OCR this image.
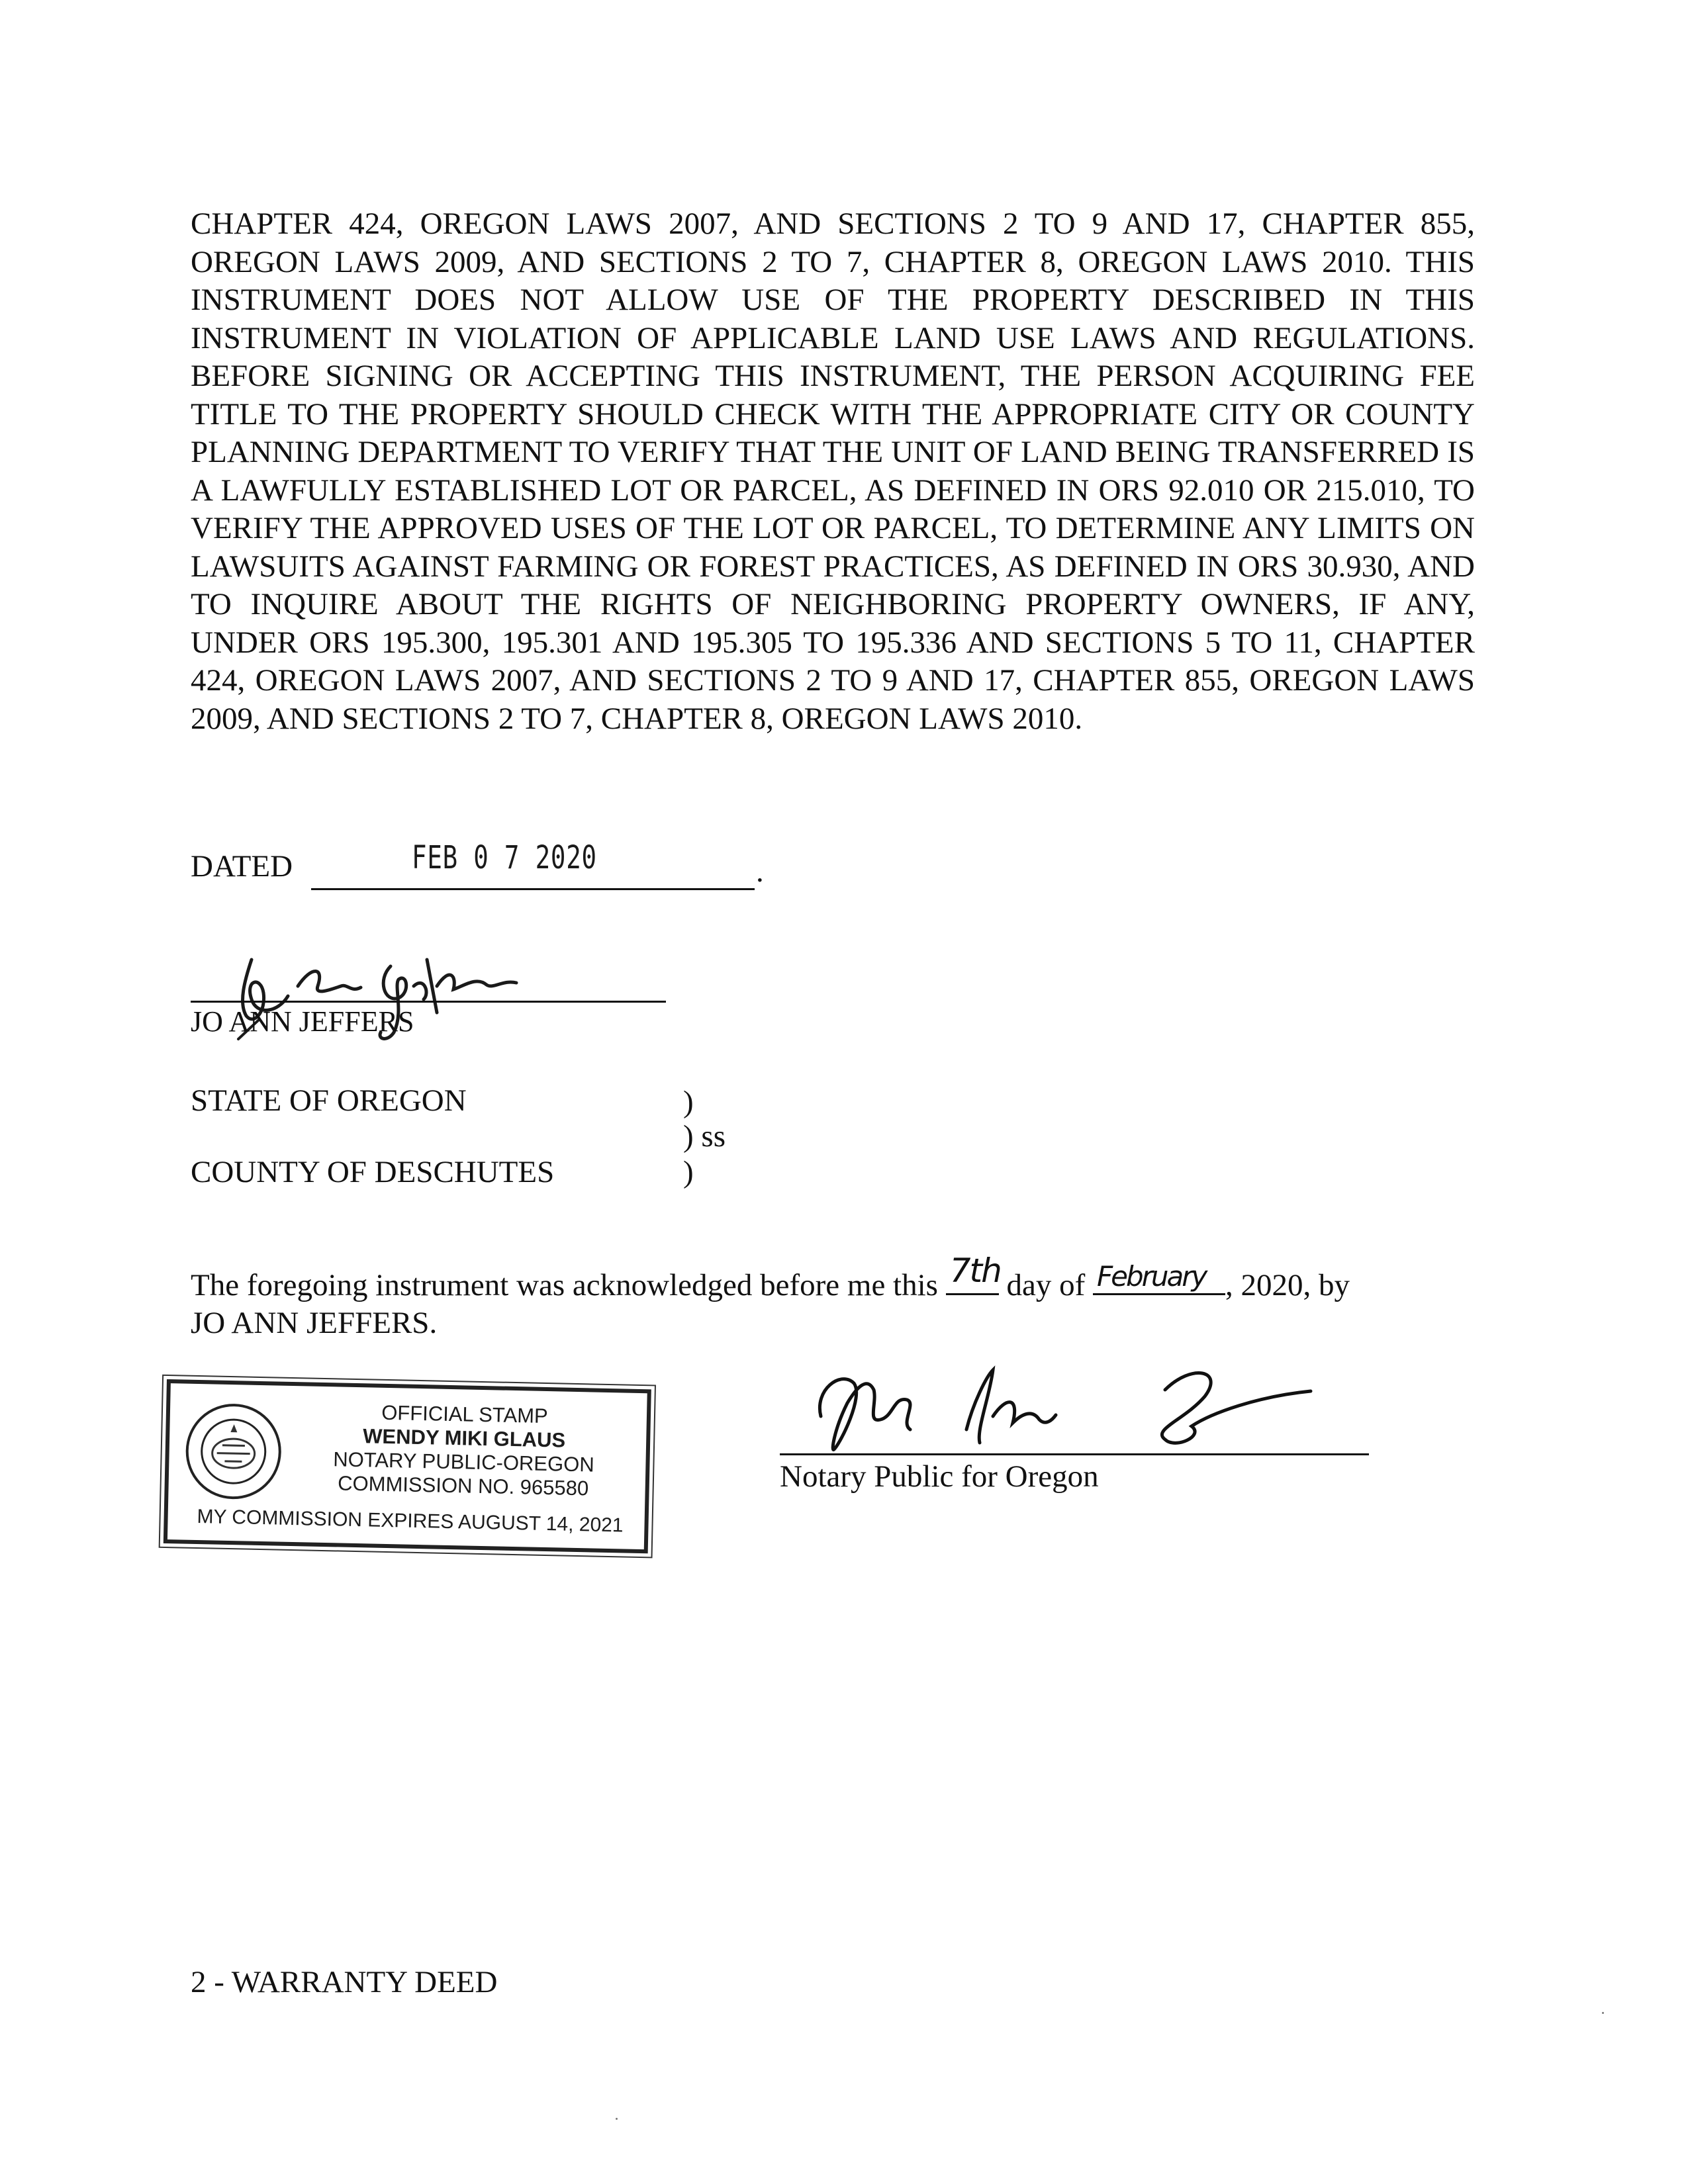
CHAPTER 424, OREGON LAWS 2007, AND SECTIONS 2 TO 9 AND 17, CHAPTER 855, OREGON LAWS 2009, AND SECTIONS 2 TO 7, CHAPTER 8, OREGON LAWS 2010. THIS INSTRUMENT DOES NOT ALLOW USE OF THE PROPERTY DESCRIBED IN THIS INSTRUMENT IN VIOLATION OF APPLICABLE LAND USE LAWS AND REGULATIONS. BEFORE SIGNING OR ACCEPTING THIS INSTRUMENT, THE PERSON ACQUIRING FEE TITLE TO THE PROPERTY SHOULD CHECK WITH THE APPROPRIATE CITY OR COUNTY PLANNING DEPARTMENT TO VERIFY THAT THE UNIT OF LAND BEING TRANSFERRED IS A LAWFULLY ESTABLISHED LOT OR PARCEL, AS DEFINED IN ORS 92.010 OR 215.010, TO VERIFY THE APPROVED USES OF THE LOT OR PARCEL, TO DETERMINE ANY LIMITS ON LAWSUITS AGAINST FARMING OR FOREST PRACTICES, AS DEFINED IN ORS 30.930, AND TO INQUIRE ABOUT THE RIGHTS OF NEIGHBORING PROPERTY OWNERS, IF ANY, UNDER ORS 195.300, 195.301 AND 195.305 TO 195.336 AND SECTIONS 5 TO 11, CHAPTER 424, OREGON LAWS 2007, AND SECTIONS 2 TO 9 AND 17, CHAPTER 855, OREGON LAWS 2009, AND SECTIONS 2 TO 7, CHAPTER 8, OREGON LAWS 2010.

DATED	FEB 0 7 2020	.
JO ANN JEFFERS
STATE OF OREGON
COUNTY OF DESCHUTES
)
) ss
)
The foregoing instrument was acknowledged before me this 7th day of February , 2020, by
JO ANN JEFFERS.
OFFICIAL STAMP
WENDY MIKI GLAUS
NOTARY PUBLIC-OREGON
COMMISSION NO. 965580
MY COMMISSION EXPIRES AUGUST 14, 2021
Notary Public for Oregon
2 - WARRANTY DEED
